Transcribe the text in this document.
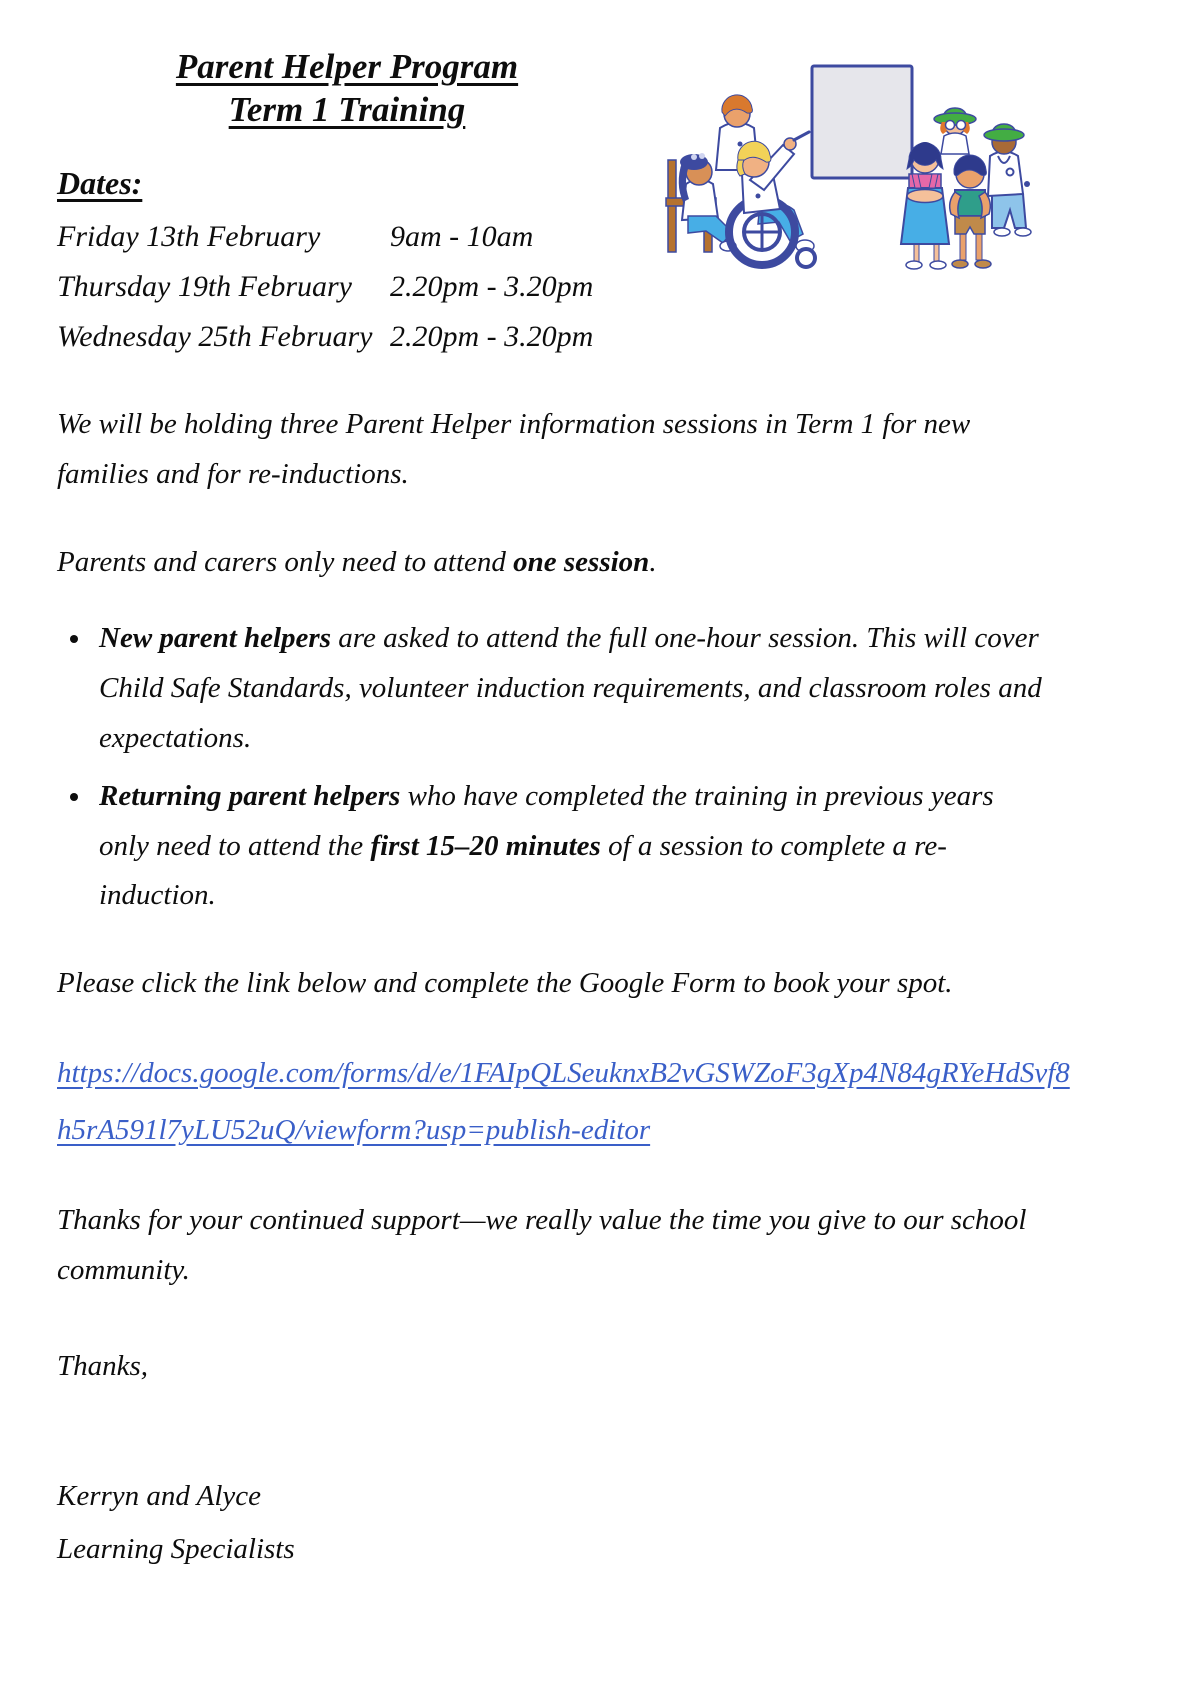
Parent Helper Program
Term 1 Training
Dates:
Friday 13th February	9am - 10am
Thursday 19th February	2.20pm - 3.20pm
Wednesday 25th February 2.20pm - 3.20pm

We will be holding three Parent Helper information sessions in Term 1 for new families and for re-inductions.

Parents and carers only need to attend one session.

• New parent helpers are asked to attend the full one-hour session. This will cover Child Safe Standards, volunteer induction requirements, and classroom roles and expectations.
• Returning parent helpers who have completed the training in previous years only need to attend the first 15–20 minutes of a session to complete a re-induction.

Please click the link below and complete the Google Form to book your spot.

https://docs.google.com/forms/d/e/1FAIpQLSeuknxB2vGSWZoF3gXp4N84gRYeHdSvf8h5rA591l7yLU52uQ/viewform?usp=publish-editor

Thanks for your continued support—we really value the time you give to our school community.

Thanks,

Kerryn and Alyce
Learning Specialists
